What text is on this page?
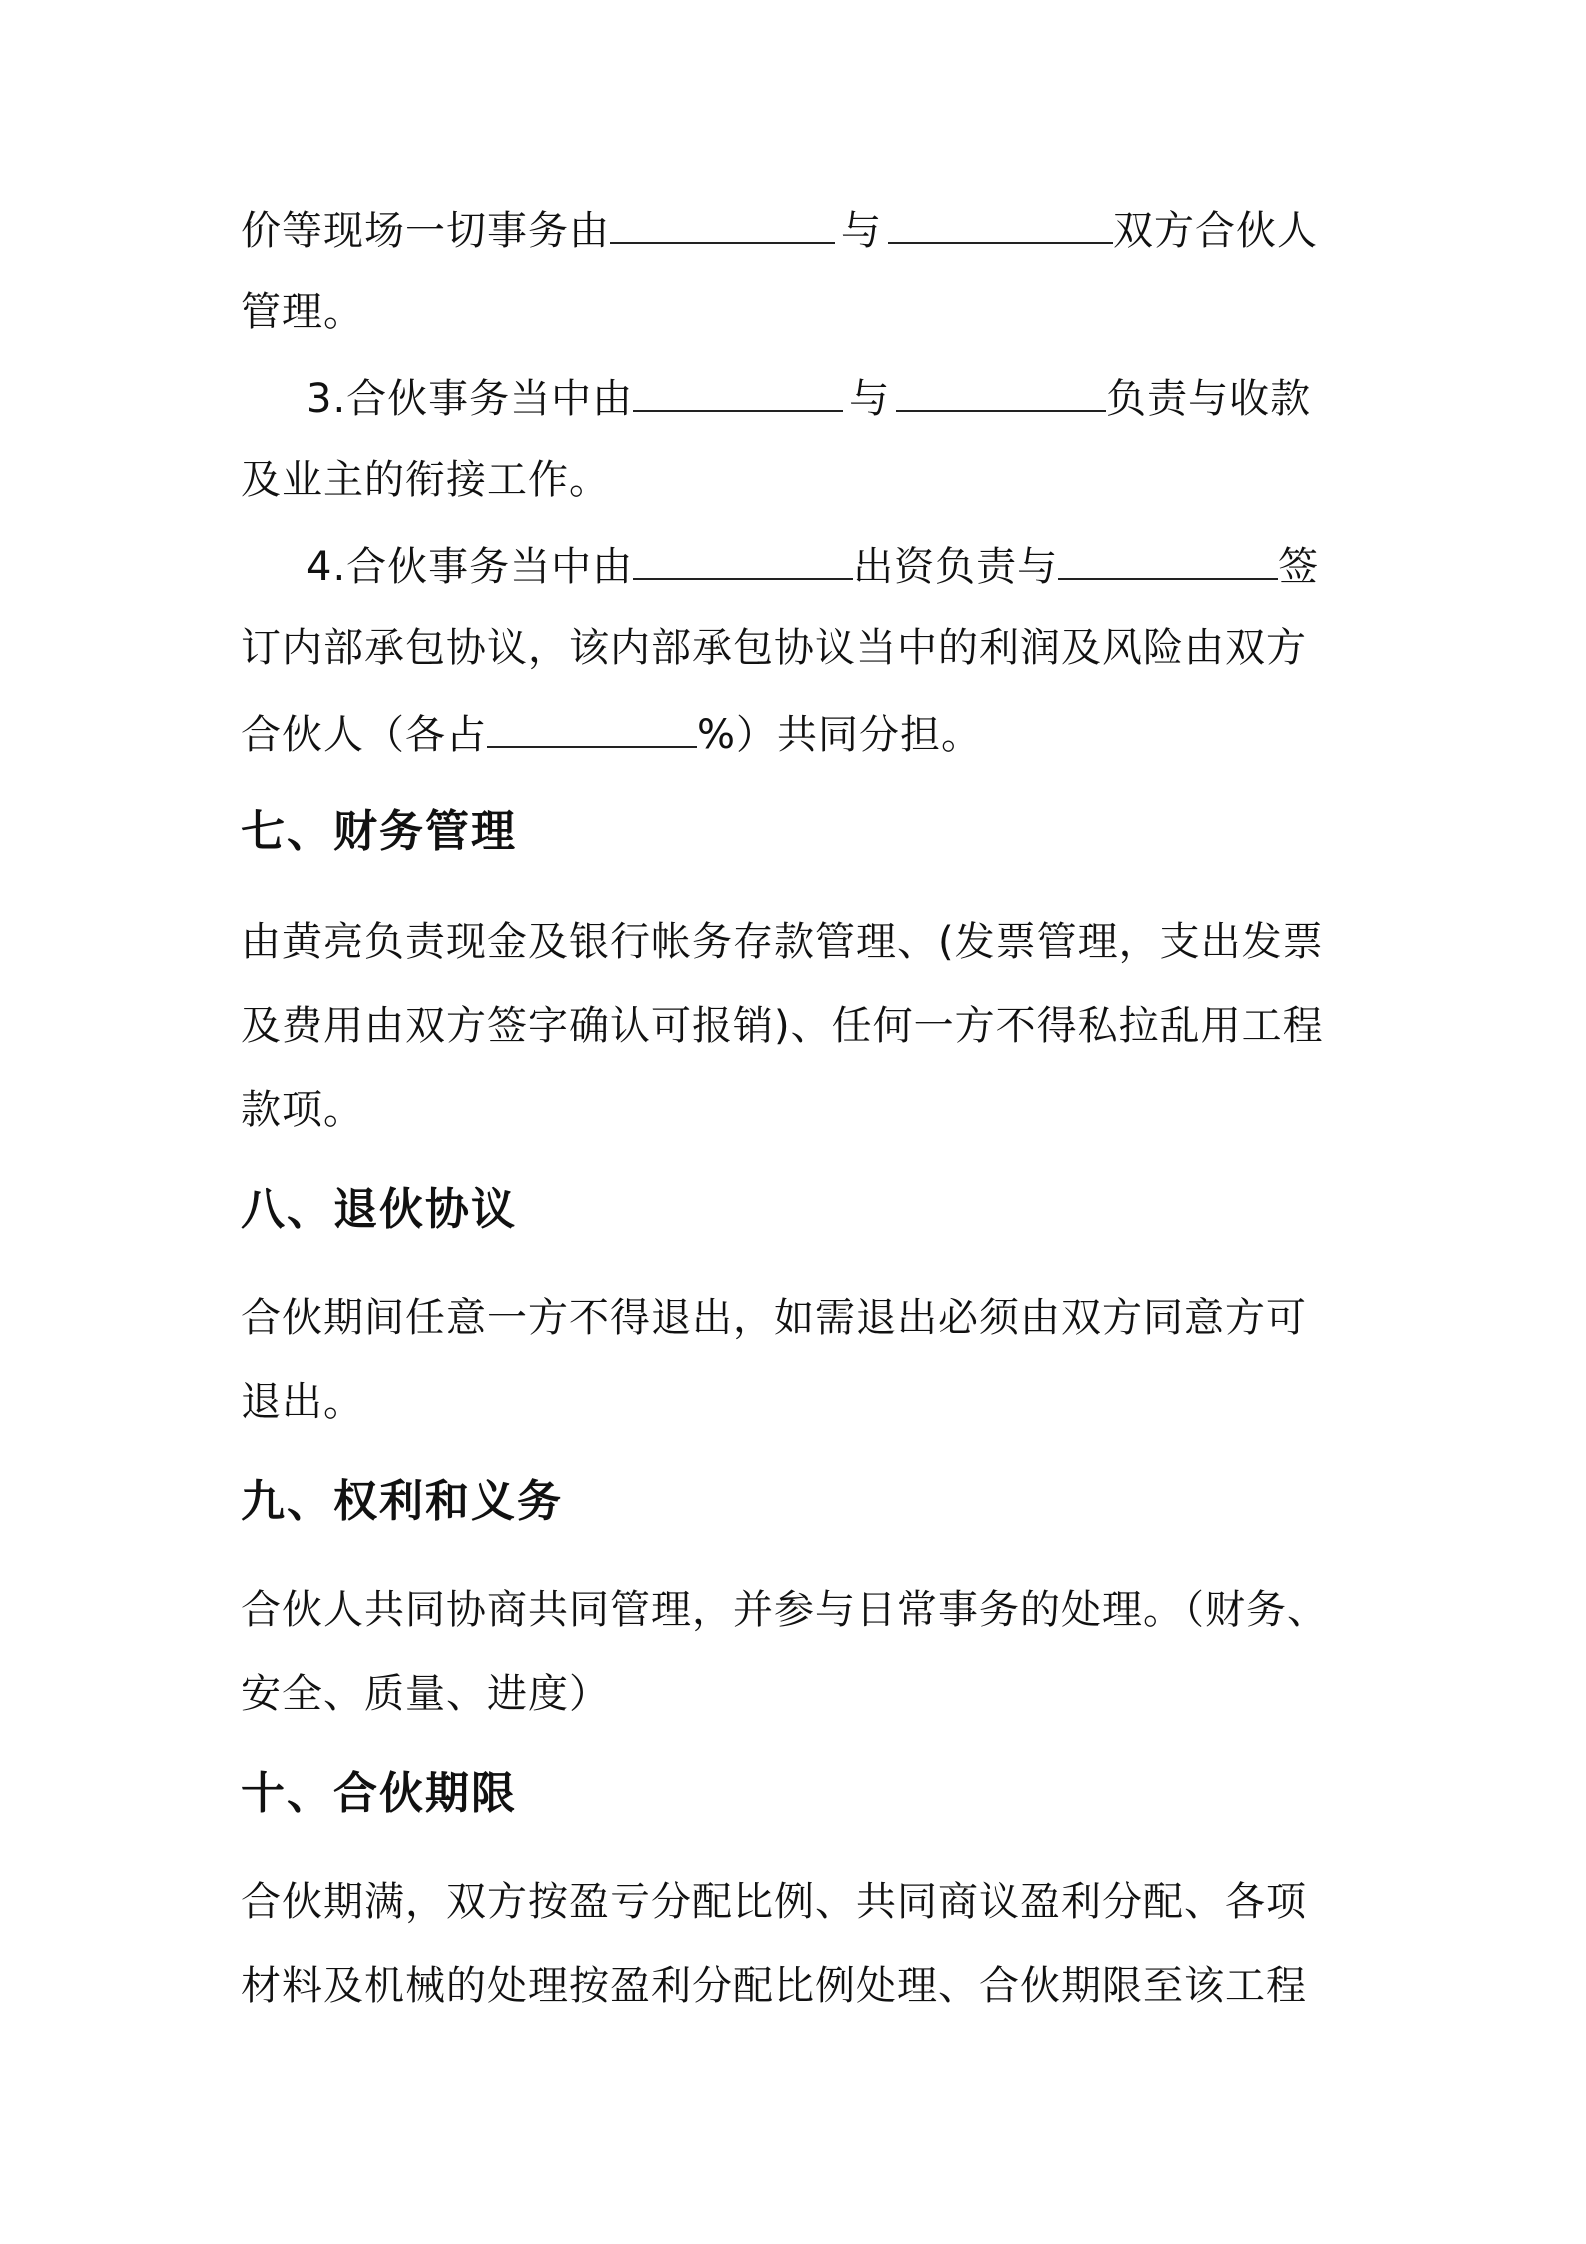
价等现场一切事务由	与	双方合伙人
管理。
3.合伙事务当中由	与	负责与收款
及业主的衔接工作。
4.合伙事务当中由	出资负责与	签
订内部承包协议，该内部承包协议当中的利润及风险由双方
合伙人（各占	%）共同分担。
七、财务管理
由黄亮负责现金及银行帐务存款管理、(发票管理，支出发票
及费用由双方签字确认可报销)、任何一方不得私拉乱用工程
款项。
八、退伙协议
合伙期间任意一方不得退出，如需退出必须由双方同意方可
退出。
九、权利和义务
合伙人共同协商共同管理，并参与日常事务的处理。（财务、
安全、质量、进度）
十、合伙期限
合伙期满，双方按盈亏分配比例、共同商议盈利分配、各项
材料及机械的处理按盈利分配比例处理、合伙期限至该工程
